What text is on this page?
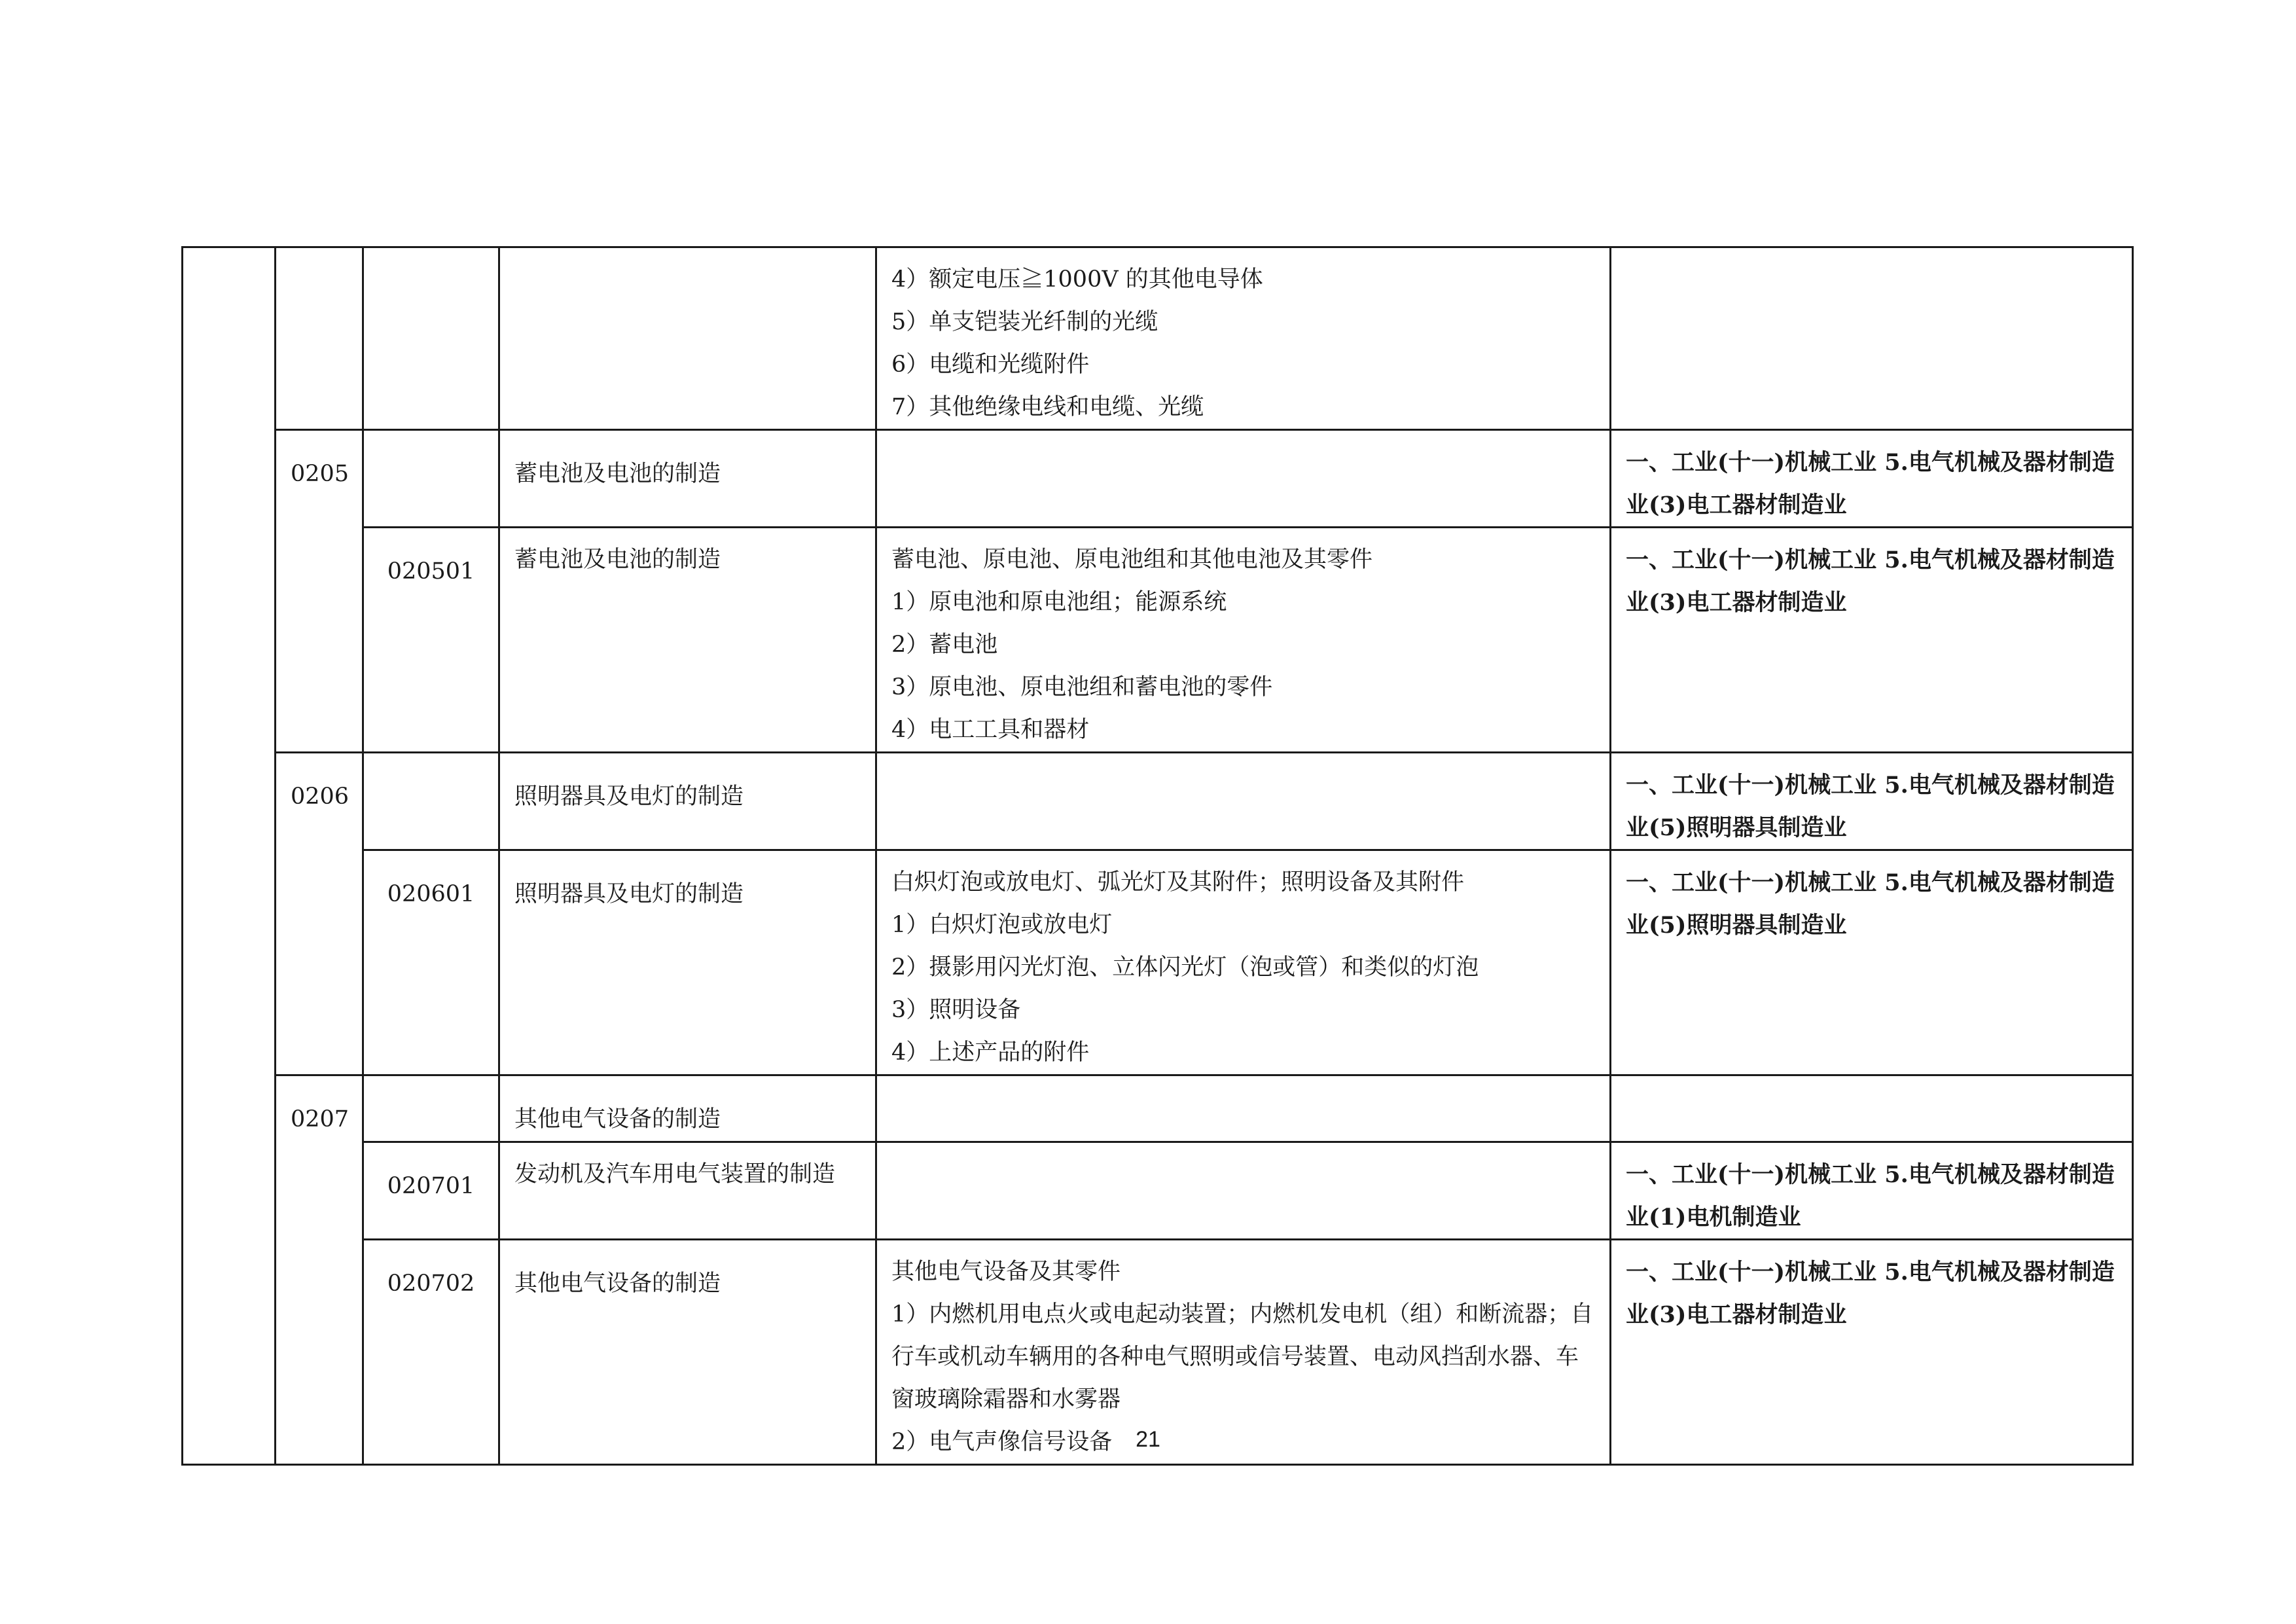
				4）额定电压≧1000V 的其他电导体
5）单支铠装光纤制的光缆
6）电缆和光缆附件
7）其他绝缘电线和电缆、光缆	

	0205		蓄电池及电池的制造		一、工业(十一)机械工业 5.电气机械及器材制造业(3)电工器材制造业

		020501	蓄电池及电池的制造	蓄电池、原电池、原电池组和其他电池及其零件
1）原电池和原电池组；能源系统
2）蓄电池
3）原电池、原电池组和蓄电池的零件
4）电工工具和器材	一、工业(十一)机械工业 5.电气机械及器材制造业(3)电工器材制造业

	0206		照明器具及电灯的制造		一、工业(十一)机械工业 5.电气机械及器材制造业(5)照明器具制造业

		020601	照明器具及电灯的制造	白炽灯泡或放电灯、弧光灯及其附件；照明设备及其附件
1）白炽灯泡或放电灯
2）摄影用闪光灯泡、立体闪光灯（泡或管）和类似的灯泡
3）照明设备
4）上述产品的附件	一、工业(十一)机械工业 5.电气机械及器材制造业(5)照明器具制造业

	0207		其他电气设备的制造		
		020701	发动机及汽车用电气装置的制造		一、工业(十一)机械工业 5.电气机械及器材制造业(1)电机制造业

		020702	其他电气设备的制造	其他电气设备及其零件
1）内燃机用电点火或电起动装置；内燃机发电机（组）和断流器；自行车或机动车辆用的各种电气照明或信号装置、电动风挡刮水器、车窗玻璃除霜器和水雾器
2）电气声像信号设备	一、工业(十一)机械工业 5.电气机械及器材制造业(3)电工器材制造业
21
